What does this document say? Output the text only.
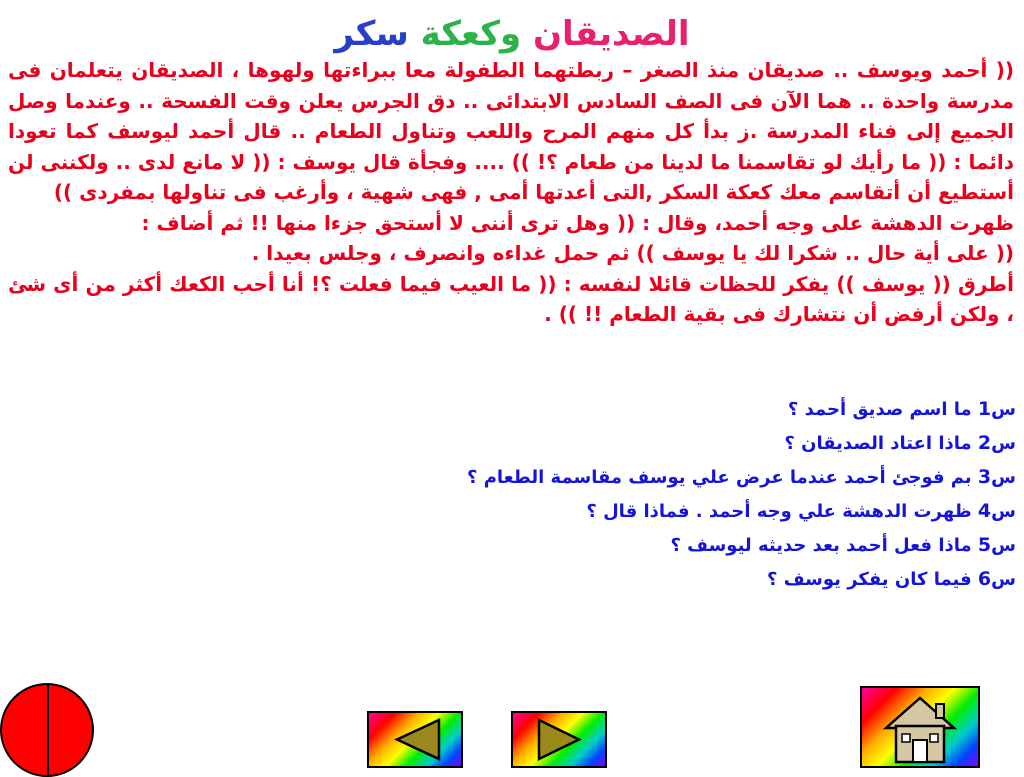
الصديقان وكعكة سكر

(( أحمد ويوسف .. صديقان منذ الصغر – ربطتهما الطفولة معا ببراءتها ولهوها ، الصديقان يتعلمان فى مدرسة واحدة .. هما الآن فى الصف السادس الابتدائى .. دق الجرس يعلن وقت الفسحة .. وعندما وصل الجميع إلى فناء المدرسة .ز بدأ كل منهم المرح واللعب وتناول الطعام .. قال أحمد ليوسف كما تعودا دائما : (( ما رأيك لو تقاسمنا ما لدينا من طعام ؟! )) .... وفجأة قال يوسف : (( لا مانع لدى .. ولكننى لن أستطيع أن أتقاسم معك كعكة السكر ,التى أعدتها أمى , فهى شهية ، وأرغب فى تناولها بمفردى ))

ظهرت الدهشة على وجه أحمد، وقال : (( وهل ترى أننى لا أستحق جزءا منها !! ثم أضاف :

(( على أية حال .. شكرا لك يا يوسف )) ثم حمل غداءه وانصرف ، وجلس بعيدا .

أطرق (( يوسف )) يفكر للحظات قائلا لنفسه : (( ما العيب فيما فعلت ؟! أنا أحب الكعك أكثر من أى شئ ، ولكن أرفض أن نتشارك فى بقية الطعام !! )) .

س1 ما اسم صديق أحمد ؟
س2 ماذا اعتاد الصديقان ؟
س3 بم فوجئ أحمد عندما عرض علي يوسف مقاسمة الطعام ؟
س4 ظهرت الدهشة علي وجه أحمد . فماذا قال ؟
س5 ماذا فعل أحمد بعد حديثه ليوسف ؟
س6 فيما كان يفكر يوسف ؟
